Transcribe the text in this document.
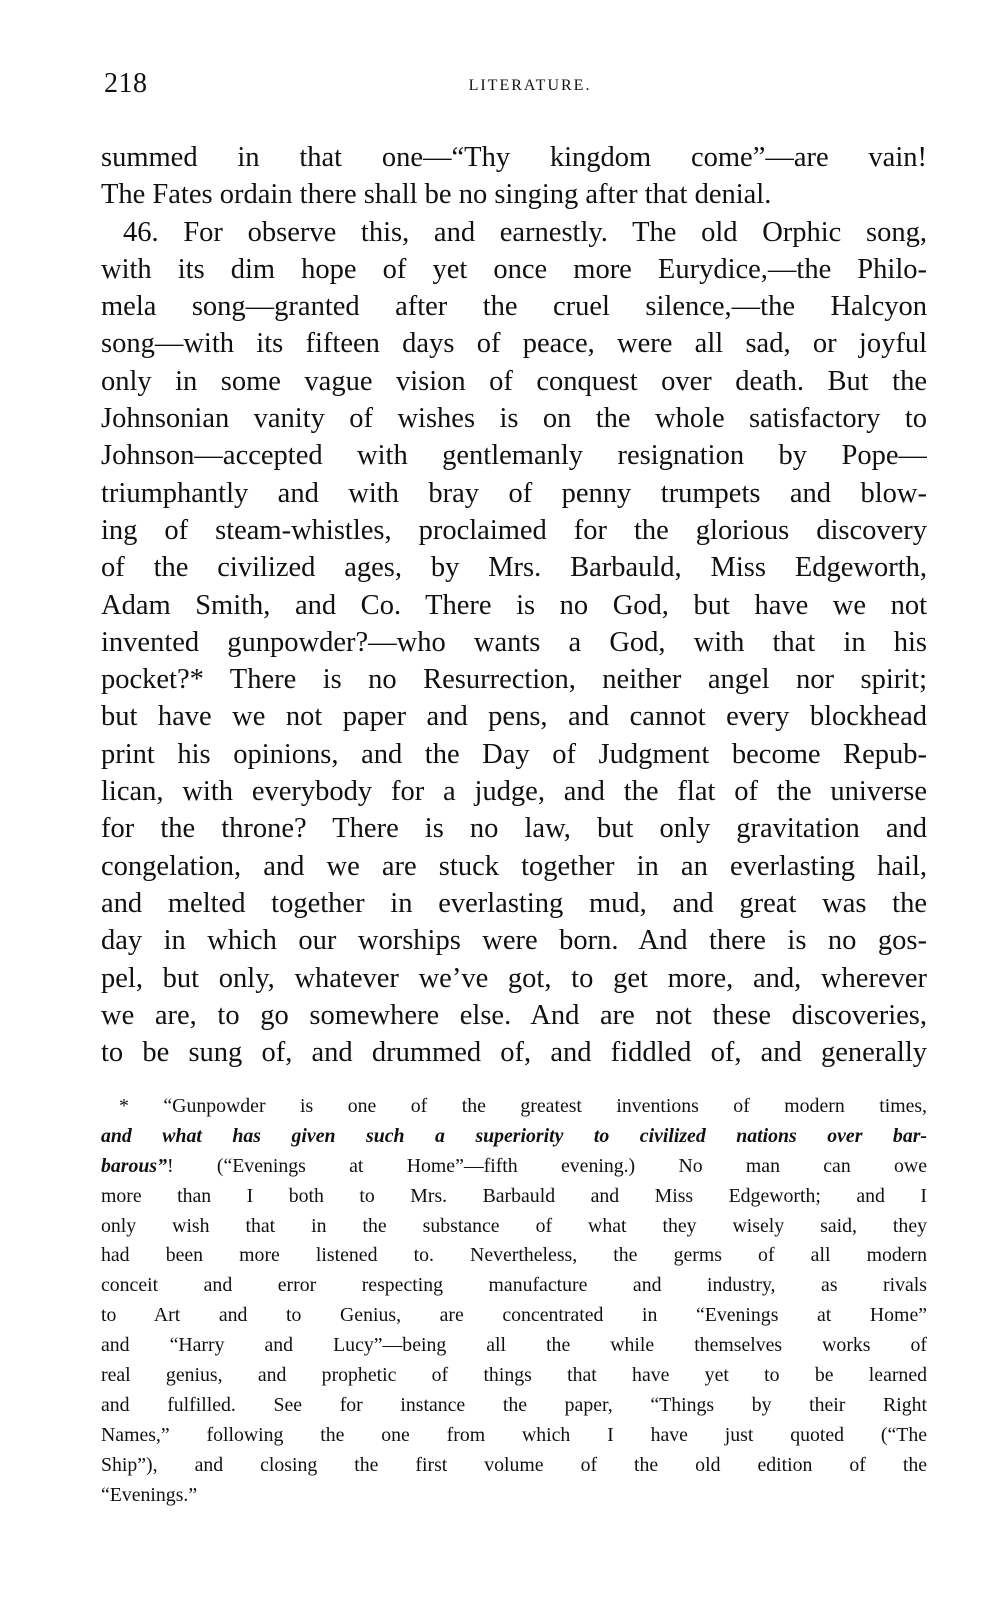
218	LITERATURE.
summed in that one—“Thy kingdom come”—are vain!
The Fates ordain there shall be no singing after that denial.
46. For observe this, and earnestly. The old Orphic song,
with its dim hope of yet once more Eurydice,—the Philo-
mela song—granted after the cruel silence,—the Halcyon
song—with its fifteen days of peace, were all sad, or joyful
only in some vague vision of conquest over death. But the
Johnsonian vanity of wishes is on the whole satisfactory to
Johnson—accepted with gentlemanly resignation by Pope—
triumphantly and with bray of penny trumpets and blow-
ing of steam-whistles, proclaimed for the glorious discovery
of the civilized ages, by Mrs. Barbauld, Miss Edgeworth,
Adam Smith, and Co. There is no God, but have we not
invented gunpowder?—who wants a God, with that in his
pocket?* There is no Resurrection, neither angel nor spirit;
but have we not paper and pens, and cannot every blockhead
print his opinions, and the Day of Judgment become Repub-
lican, with everybody for a judge, and the flat of the universe
for the throne? There is no law, but only gravitation and
congelation, and we are stuck together in an everlasting hail,
and melted together in everlasting mud, and great was the
day in which our worships were born. And there is no gos-
pel, but only, whatever we’ve got, to get more, and, wherever
we are, to go somewhere else. And are not these discoveries,
to be sung of, and drummed of, and fiddled of, and generally
* “Gunpowder is one of the greatest inventions of modern times,
and what has given such a superiority to civilized nations over bar-
barous”! (“Evenings at Home”—fifth evening.) No man can owe
more than I both to Mrs. Barbauld and Miss Edgeworth; and I
only wish that in the substance of what they wisely said, they
had been more listened to. Nevertheless, the germs of all modern
conceit and error respecting manufacture and industry, as rivals
to Art and to Genius, are concentrated in “Evenings at Home”
and “Harry and Lucy”—being all the while themselves works of
real genius, and prophetic of things that have yet to be learned
and fulfilled. See for instance the paper, “Things by their Right
Names,” following the one from which I have just quoted (“The
Ship”), and closing the first volume of the old edition of the
“Evenings.”
